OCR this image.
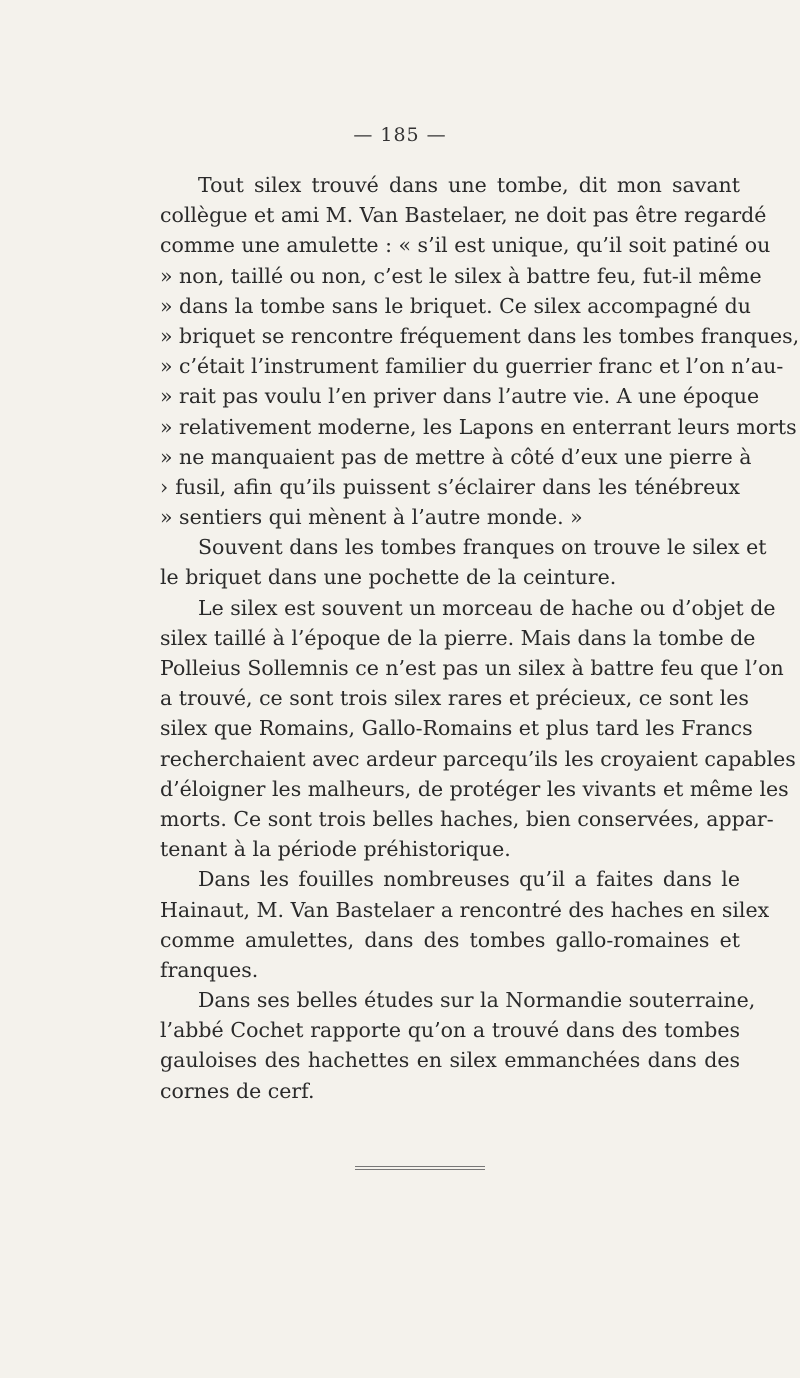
— 185 —
Tout silex trouvé dans une tombe, dit mon savant
collègue et ami M. Van Bastelaer, ne doit pas être regardé
comme une amulette : « s’il est unique, qu’il soit patiné ou
» non, taillé ou non, c’est le silex à battre feu, fut-il même
» dans la tombe sans le briquet. Ce silex accompagné du
» briquet se rencontre fréquement dans les tombes franques,
» c’était l’instrument familier du guerrier franc et l’on n’au-
» rait pas voulu l’en priver dans l’autre vie. A une époque
» relativement moderne, les Lapons en enterrant leurs morts
» ne manquaient pas de mettre à côté d’eux une pierre à
› fusil, afin qu’ils puissent s’éclairer dans les ténébreux
» sentiers qui mènent à l’autre monde. »
Souvent dans les tombes franques on trouve le silex et
le briquet dans une pochette de la ceinture.
Le silex est souvent un morceau de hache ou d’objet de
silex taillé à l’époque de la pierre. Mais dans la tombe de
Polleius Sollemnis ce n’est pas un silex à battre feu que l’on
a trouvé, ce sont trois silex rares et précieux, ce sont les
silex que Romains, Gallo-Romains et plus tard les Francs
recherchaient avec ardeur parcequ’ils les croyaient capables
d’éloigner les malheurs, de protéger les vivants et même les
morts. Ce sont trois belles haches, bien conservées, appar-
tenant à la période préhistorique.
Dans les fouilles nombreuses qu’il a faites dans le
Hainaut, M. Van Bastelaer a rencontré des haches en silex
comme amulettes, dans des tombes gallo-romaines et
franques.
Dans ses belles études sur la Normandie souterraine,
l’abbé Cochet rapporte qu’on a trouvé dans des tombes
gauloises des hachettes en silex emmanchées dans des
cornes de cerf.
